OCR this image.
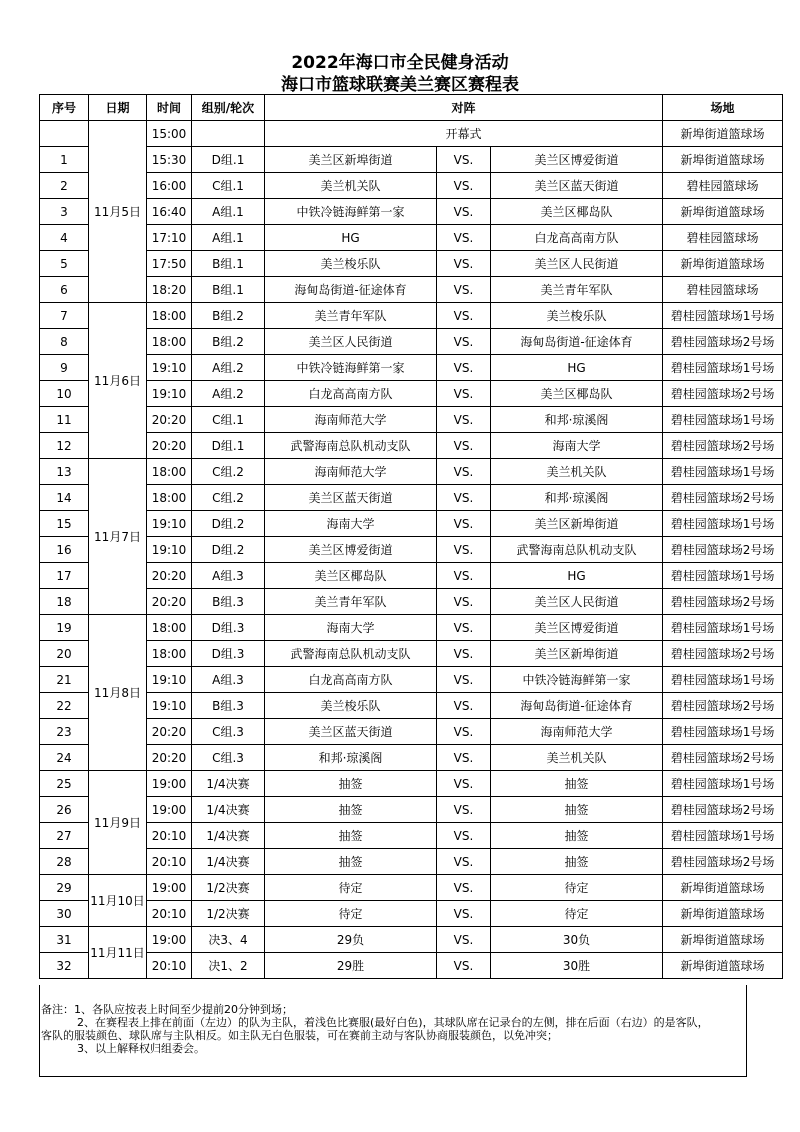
2022年海口市全民健身活动
海口市篮球联赛美兰赛区赛程表
序号	日期	时间	组别/轮次	对阵			场地
	11月5日	15:00		开幕式			新埠街道篮球场
1		15:30	D组.1	美兰区新埠街道	VS.	美兰区博爱街道	新埠街道篮球场
2		16:00	C组.1	美兰机关队	VS.	美兰区蓝天街道	碧桂园篮球场
3		16:40	A组.1	中铁冷链海鲜第一家	VS.	美兰区椰岛队	新埠街道篮球场
4		17:10	A组.1	HG	VS.	白龙高高南方队	碧桂园篮球场
5		17:50	B组.1	美兰梭乐队	VS.	美兰区人民街道	新埠街道篮球场
6		18:20	B组.1	海甸岛街道-征途体育	VS.	美兰青年军队	碧桂园篮球场
7	11月6日	18:00	B组.2	美兰青年军队	VS.	美兰梭乐队	碧桂园篮球场1号场
8		18:00	B组.2	美兰区人民街道	VS.	海甸岛街道-征途体育	碧桂园篮球场2号场
9		19:10	A组.2	中铁冷链海鲜第一家	VS.	HG	碧桂园篮球场1号场
10		19:10	A组.2	白龙高高南方队	VS.	美兰区椰岛队	碧桂园篮球场2号场
11		20:20	C组.1	海南师范大学	VS.	和邦·琼溪阁	碧桂园篮球场1号场
12		20:20	D组.1	武警海南总队机动支队	VS.	海南大学	碧桂园篮球场2号场
13	11月7日	18:00	C组.2	海南师范大学	VS.	美兰机关队	碧桂园篮球场1号场
14		18:00	C组.2	美兰区蓝天街道	VS.	和邦·琼溪阁	碧桂园篮球场2号场
15		19:10	D组.2	海南大学	VS.	美兰区新埠街道	碧桂园篮球场1号场
16		19:10	D组.2	美兰区博爱街道	VS.	武警海南总队机动支队	碧桂园篮球场2号场
17		20:20	A组.3	美兰区椰岛队	VS.	HG	碧桂园篮球场1号场
18		20:20	B组.3	美兰青年军队	VS.	美兰区人民街道	碧桂园篮球场2号场
19	11月8日	18:00	D组.3	海南大学	VS.	美兰区博爱街道	碧桂园篮球场1号场
20		18:00	D组.3	武警海南总队机动支队	VS.	美兰区新埠街道	碧桂园篮球场2号场
21		19:10	A组.3	白龙高高南方队	VS.	中铁冷链海鲜第一家	碧桂园篮球场1号场
22		19:10	B组.3	美兰梭乐队	VS.	海甸岛街道-征途体育	碧桂园篮球场2号场
23		20:20	C组.3	美兰区蓝天街道	VS.	海南师范大学	碧桂园篮球场1号场
24		20:20	C组.3	和邦·琼溪阁	VS.	美兰机关队	碧桂园篮球场2号场
25	11月9日	19:00	1/4决赛	抽签	VS.	抽签	碧桂园篮球场1号场
26		19:00	1/4决赛	抽签	VS.	抽签	碧桂园篮球场2号场
27		20:10	1/4决赛	抽签	VS.	抽签	碧桂园篮球场1号场
28		20:10	1/4决赛	抽签	VS.	抽签	碧桂园篮球场2号场
29	11月10日	19:00	1/2决赛	待定	VS.	待定	新埠街道篮球场
30		20:10	1/2决赛	待定	VS.	待定	新埠街道篮球场
31	11月11日	19:00	决3、4	29负	VS.	30负	新埠街道篮球场
32		20:10	决1、2	29胜	VS.	30胜	新埠街道篮球场

备注：1、各队应按表上时间至少提前20分钟到场；

2、在赛程表上排在前面（左边）的队为主队，着浅色比赛服(最好白色)，其球队席在记录台的左侧，排在后面（右边）的是客队，

客队的服装颜色、球队席与主队相反。如主队无白色服装，可在赛前主动与客队协商服装颜色，以免冲突；

3、以上解释权归组委会。
